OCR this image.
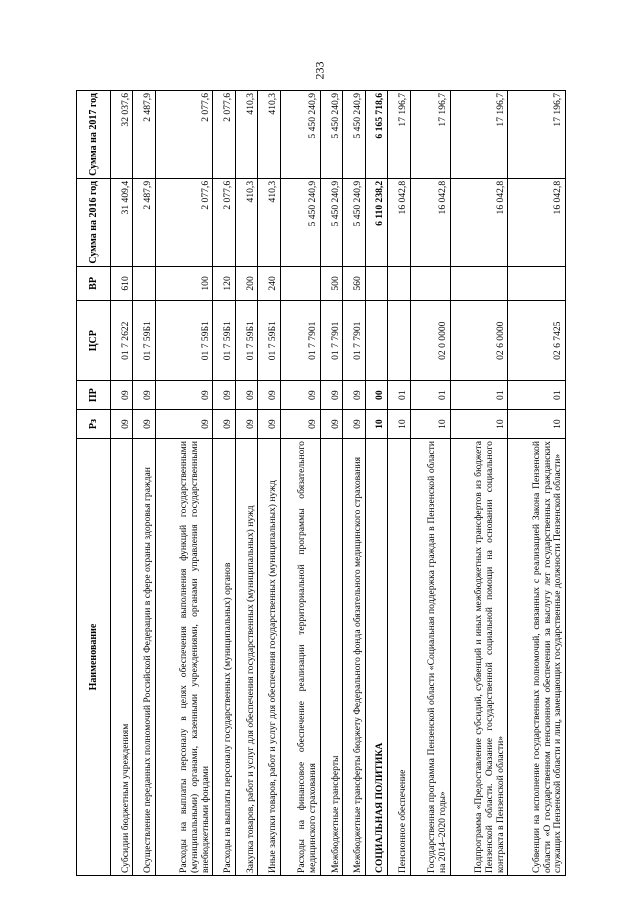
233
Наименование	Рз	ПР	ЦСР	ВР	Сумма на 2016 год	Сумма на 2017 год
Субсидии бюджетным учреждениям	09	09	01 7 2622	610	31 409,4	32 037,6
Осуществление переданных полномочий Российской Федерации в сфере охраны здоровья граждан	09	09	01 7 59Б1		2 487,9	2 487,9
Расходы на выплаты персоналу в целях обеспечения выполнения функций государственными (муниципальными) органами, казенными учреждениями, органами управления государственными внебюджетными фондами	09	09	01 7 59Б1	100	2 077,6	2 077,6
Расходы на выплаты персоналу государственных (муниципальных) органов	09	09	01 7 59Б1	120	2 077,6	2 077,6
Закупка товаров, работ и услуг для обеспечения государственных (муниципальных) нужд	09	09	01 7 59Б1	200	410,3	410,3
Иные закупки товаров, работ и услуг для обеспечения государственных (муниципальных) нужд	09	09	01 7 59Б1	240	410,3	410,3
Расходы на финансовое обеспечение реализации территориальной программы обязательного медицинского страхования	09	09	01 7 7901		5 450 240,9	5 450 240,9
Межбюджетные трансферты	09	09	01 7 7901	500	5 450 240,9	5 450 240,9
Межбюджетные трансферты бюджету Федерального фонда обязательного медицинского страхования	09	09	01 7 7901	560	5 450 240,9	5 450 240,9
СОЦИАЛЬНАЯ ПОЛИТИКА	10	00			6 110 238,2	6 165 718,6
Пенсионное обеспечение	10	01			16 042,8	17 196,7
Государственная программа Пензенской области «Социальная поддержка граждан в Пензенской области на 2014–2020 годы»	10	01	02 0 0000		16 042,8	17 196,7
Подпрограмма «Предоставление субсидий, субвенций и иных межбюджетных трансфертов из бюджета Пензенской области. Оказание государственной социальной помощи на основании социального контракта в Пензенской области»	10	01	02 6 0000		16 042,8	17 196,7
Субвенции на исполнение государственных полномочий, связанных с реализацией Закона Пензенской области «О государственном пенсионном обеспечении за выслугу лет государственных гражданских служащих Пензенской области и лиц, замещающих государственные должности Пензенской области»	10	01	02 6 7425		16 042,8	17 196,7
